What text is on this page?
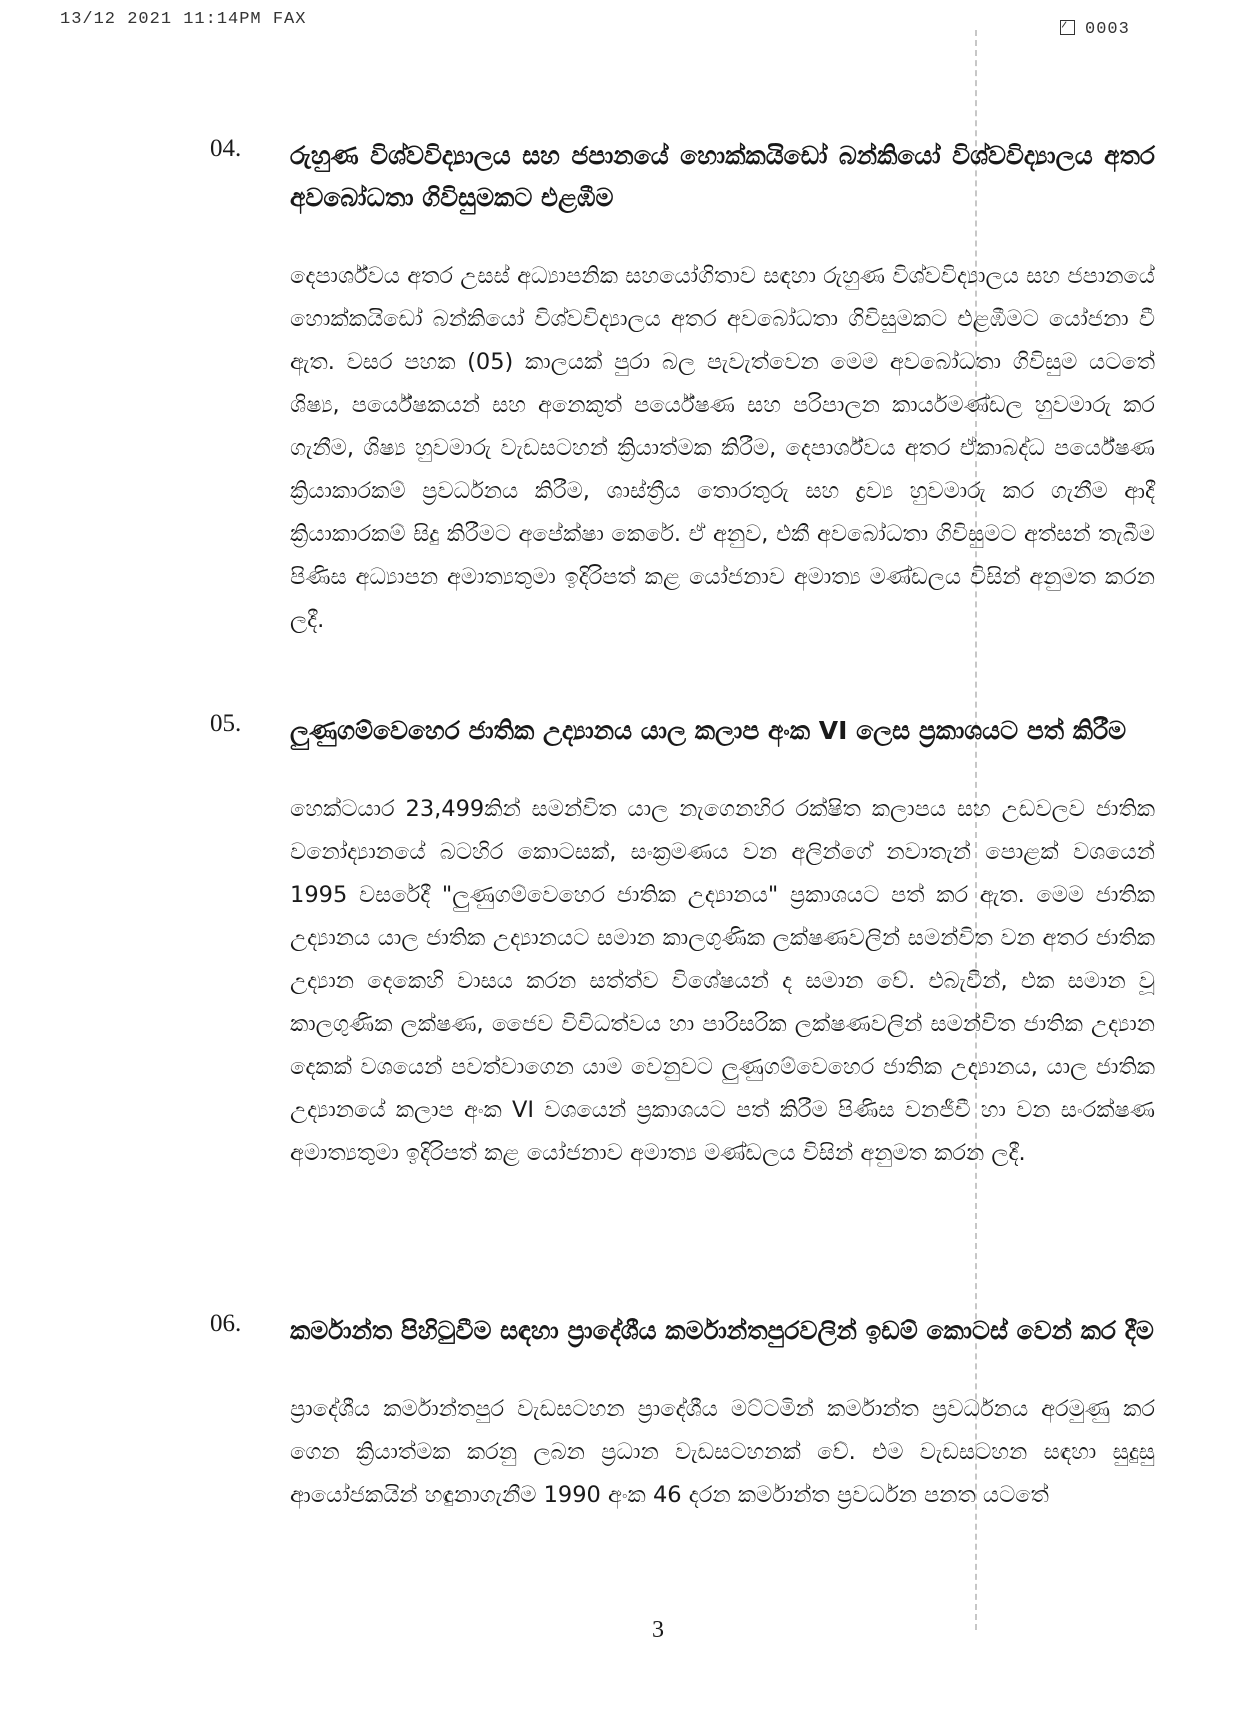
13/12 2021 11:14PM FAX
0003
04. රුහුණ විශ්වවිද්‍යාලය සහ ජපානයේ හොක්කයිඩෝ බන්කියෝ විශ්වවිද්‍යාලය අතර අවබෝධතා ගිවිසුමකට එළඹීම
දෙපාර්ශ්වය අතර උසස් අධ්‍යාපනික සහයෝගිතාව සඳහා රුහුණ විශ්වවිද්‍යාලය සහ ජපානයේ හොක්කයිඩෝ බන්කියෝ විශ්වවිද්‍යාලය අතර අවබෝධතා ගිවිසුමකට එළඹීමට යෝජනා වී ඇත. වසර පහක (05) කාලයක් පුරා බල පැවැත්වෙන මෙම අවබෝධතා ගිවිසුම යටතේ ශිෂ්‍ය, පර්යේෂකයන් සහ අනෙකුත් පර්යේෂණ සහ පරිපාලන කාර්යමණ්ඩල හුවමාරු කර ගැනීම, ශිෂ්‍ය හුවමාරු වැඩසටහන් ක්‍රියාත්මක කිරීම, දෙපාර්ශ්වය අතර ඒකාබද්ධ පර්යේෂණ ක්‍රියාකාරකම් ප්‍රවර්ධනය කිරීම, ශාස්ත්‍රීය තොරතුරු සහ ද්‍රව්‍ය හුවමාරු කර ගැනීම ආදී ක්‍රියාකාරකම් සිදු කිරීමට අපේක්ෂා කෙරේ. ඒ අනුව, එකී අවබෝධතා ගිවිසුමට අත්සන් තැබීම පිණිස අධ්‍යාපන අමාත්‍යතුමා ඉදිරිපත් කළ යෝජනාව අමාත්‍ය මණ්ඩලය විසින් අනුමත කරන ලදී.
05. ලුණුගම්වෙහෙර ජාතික උද්‍යානය යාල කලාප අංක VI ලෙස ප්‍රකාශයට පත් කිරීම
හෙක්ටයාර 23,499කින් සමන්විත යාල නැගෙනහිර රක්ෂිත කලාපය සහ උඩවලව ජාතික වනෝද්‍යානයේ බටහිර කොටසක්, සංක්‍රමණය වන අලින්ගේ නවාතැන් පොළක් වශයෙන් 1995 වසරේදී "ලුණුගම්වෙහෙර ජාතික උද්‍යානය" ප්‍රකාශයට පත් කර ඇත. මෙම ජාතික උද්‍යානය යාල ජාතික උද්‍යානයට සමාන කාලගුණික ලක්ෂණවලින් සමන්විත වන අතර ජාතික උද්‍යාන දෙකෙහි වාසය කරන සත්ත්ව විශේෂයන් ද සමාන වේ. එබැවින්, එක සමාන වූ කාලගුණික ලක්ෂණ, ජෛව විවිධත්වය හා පාරිසරික ලක්ෂණවලින් සමන්විත ජාතික උද්‍යාන දෙකක් වශයෙන් පවත්වාගෙන යාම වෙනුවට ලුණුගම්වෙහෙර ජාතික උද්‍යානය, යාල ජාතික උද්‍යානයේ කලාප අංක VI වශයෙන් ප්‍රකාශයට පත් කිරීම පිණිස වනජීවී හා වන සංරක්ෂණ අමාත්‍යතුමා ඉදිරිපත් කළ යෝජනාව අමාත්‍ය මණ්ඩලය විසින් අනුමත කරන ලදී.
06. කර්මාන්ත පිහිටුවීම සඳහා ප්‍රාදේශීය කර්මාන්තපුරවලින් ඉඩම් කොටස් වෙන් කර දීම
ප්‍රාදේශීය කර්මාන්තපුර වැඩසටහන ප්‍රාදේශීය මට්ටමින් කර්මාන්ත ප්‍රවර්ධනය අරමුණු කර ගෙන ක්‍රියාත්මක කරනු ලබන ප්‍රධාන වැඩසටහනක් වේ. එම වැඩසටහන සඳහා සුදුසු ආයෝජකයින් හඳුනාගැනීම 1990 අංක 46 දරන කර්මාන්ත ප්‍රවර්ධන පනත යටතේ
3
